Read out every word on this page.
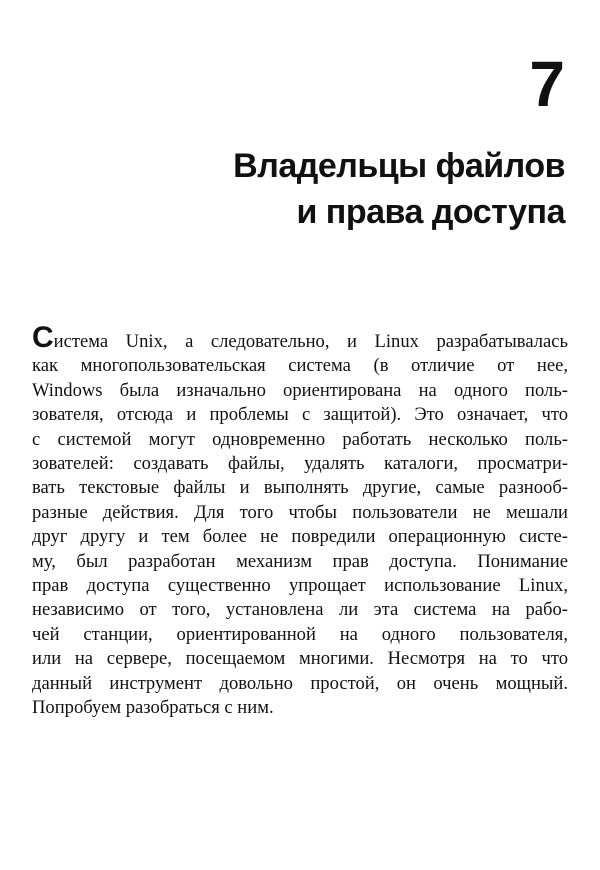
7
Владельцы файлов
и права доступа
Система Unix, а следовательно, и Linux разрабатывалась
как многопользовательская система (в отличие от нее,
Windows была изначально ориентирована на одного поль-
зователя, отсюда и проблемы с защитой). Это означает, что
с системой могут одновременно работать несколько поль-
зователей: создавать файлы, удалять каталоги, просматри-
вать текстовые файлы и выполнять другие, самые разнооб-
разные действия. Для того чтобы пользователи не мешали
друг другу и тем более не повредили операционную систе-
му, был разработан механизм прав доступа. Понимание
прав доступа существенно упрощает использование Linux,
независимо от того, установлена ли эта система на рабо-
чей станции, ориентированной на одного пользователя,
или на сервере, посещаемом многими. Несмотря на то что
данный инструмент довольно простой, он очень мощный.
Попробуем разобраться с ним.
